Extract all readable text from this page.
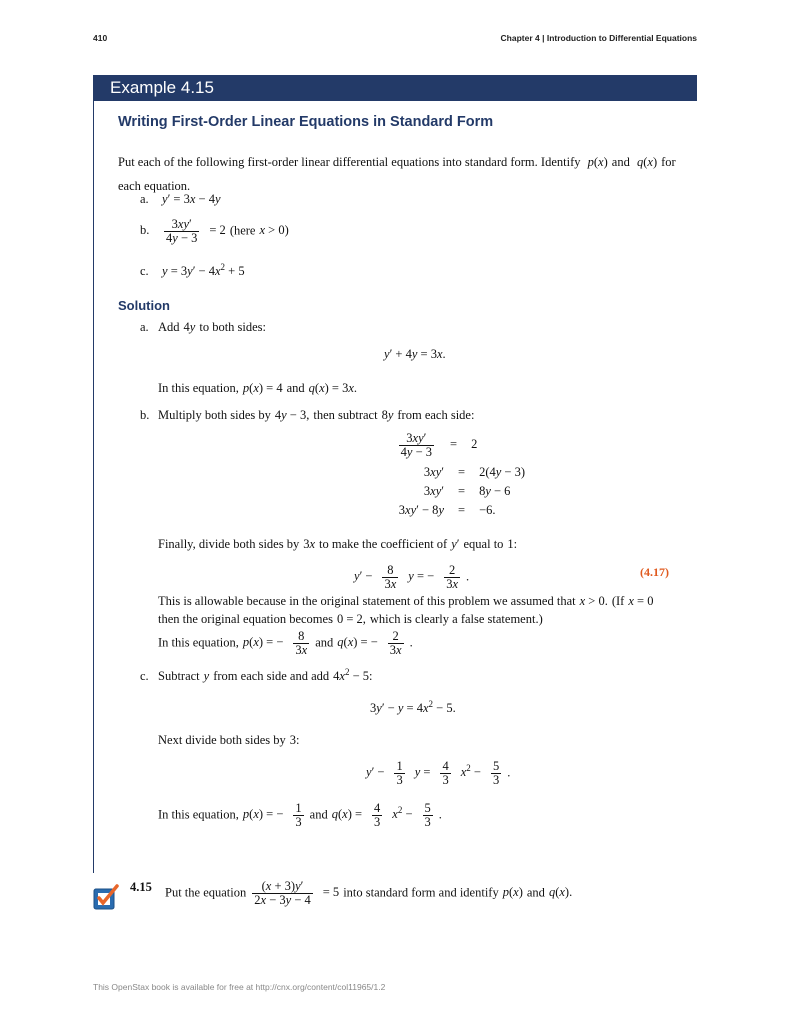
410	Chapter 4 | Introduction to Differential Equations
Example 4.15
Writing First-Order Linear Equations in Standard Form
Put each of the following first-order linear differential equations into standard form. Identify p(x) and q(x) for each equation.
a. y′ = 3x − 4y
b. $\frac{3xy'}{4y - 3} = 2$ (here x > 0)
c. $y = 3y' - 4x^2 + 5$
Solution
a. Add 4y to both sides:
y′ + 4y = 3x.
In this equation, p(x) = 4 and q(x) = 3x.
b. Multiply both sides by 4y − 3, then subtract 8y from each side:
$\frac{3xy'}{4y - 3} = 2$
3xy′ = 2(4y − 3)
3xy′ = 8y − 6
3xy′ − 8y = −6.
Finally, divide both sides by 3x to make the coefficient of y′ equal to 1:
$y' - \frac{8}{3x}$ y = − $\frac{2}{3x}$ .	(4.17)
This is allowable because in the original statement of this problem we assumed that x > 0. (If x = 0
then the original equation becomes 0 = 2, which is clearly a false statement.)
In this equation, p(x) = − $\frac{8}{3x}$ and q(x) = − $\frac{2}{3x}$ .
c. Subtract y from each side and add $4x^2 - 5$:
$3y' - y = 4x^2 - 5$.
Next divide both sides by 3:
$y' - \frac{1}{3}$ $y = \frac{4}{3} x^2 - \frac{5}{3}$ .
In this equation, p(x) = − $\frac{1}{3}$ and $q(x) = \frac{4}{3} x^2 - \frac{5}{3}$ .
4.15 Put the equation $\frac{(x + 3)y'}{2x - 3y - 4} = 5$ into standard form and identify p(x) and q(x).
This OpenStax book is available for free at http://cnx.org/content/col11965/1.2
